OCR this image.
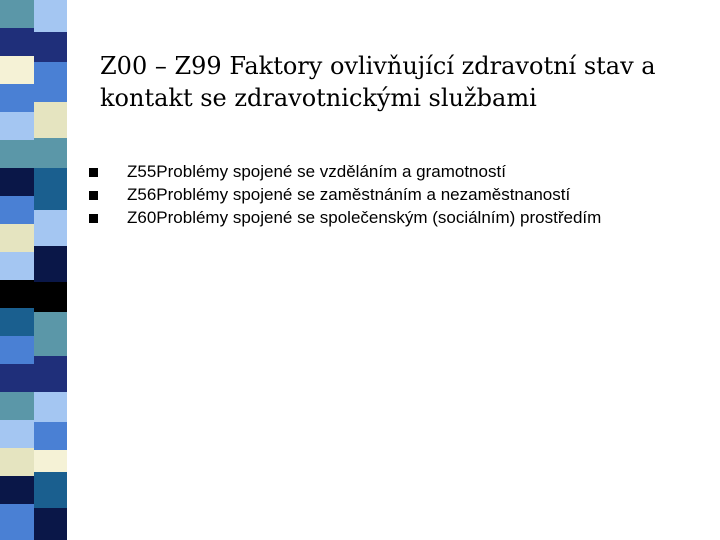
Z00 – Z99 Faktory ovlivňující zdravotní stav a kontakt se zdravotnickými službami
Z55Problémy spojené se vzděláním a gramotností
Z56Problémy spojené se zaměstnáním a nezaměstnaností
Z60Problémy spojené se společenským (sociálním) prostředím
